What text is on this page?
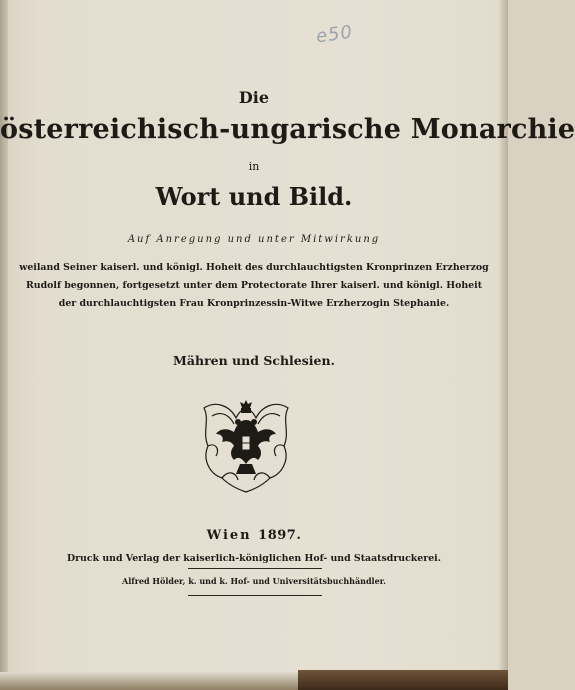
e50
Die
österreichisch-ungarische Monarchie
in
Wort und Bild.
Auf Anregung und unter Mitwirkung
weiland Seiner kaiserl. und königl. Hoheit des durchlauchtigsten Kronprinzen Erzherzog
Rudolf begonnen, fortgesetzt unter dem Protectorate Ihrer kaiserl. und königl. Hoheit
der durchlauchtigsten Frau Kronprinzessin-Witwe Erzherzogin Stephanie.
Mähren und Schlesien.
Wien 1897.
Druck und Verlag der kaiserlich-königlichen Hof- und Staatsdruckerei.
Alfred Hölder, k. und k. Hof- und Universitätsbuchhändler.
